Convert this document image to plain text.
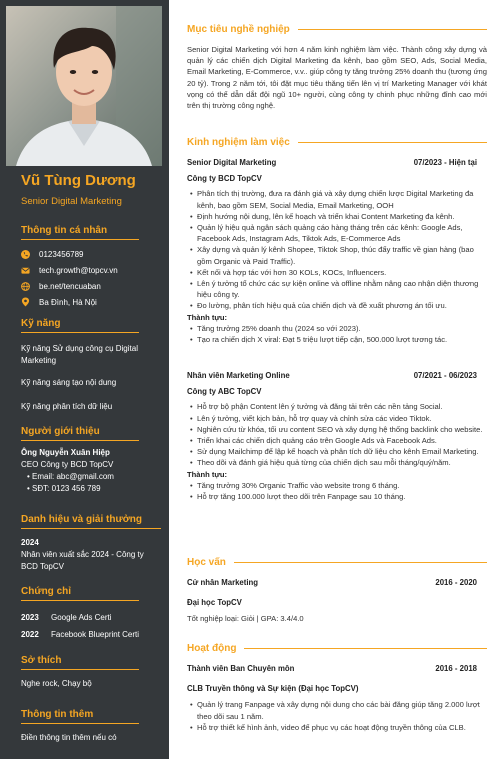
Vũ Tùng Dương
Senior Digital Marketing
Thông tin cá nhân
0123456789
tech.growth@topcv.vn
be.net/tencuaban
Ba Đình, Hà Nội
Kỹ năng
Kỹ năng Sử dụng công cụ Digital Marketing
Kỹ năng sáng tạo nội dung
Kỹ năng phân tích dữ liệu
Người giới thiệu
Ông Nguyễn Xuân Hiệp
CEO Công ty BCD TopCV
• Email: abc@gmail.com
• SĐT: 0123 456 789
Danh hiệu và giải thưởng
2024
Nhân viên xuất sắc 2024 - Công ty BCD TopCV
Chứng chỉ
2023	Google Ads Certi
2022	Facebook Blueprint Certi
Sở thích
Nghe rock, Chạy bộ
Thông tin thêm
Điền thông tin thêm nếu có
Mục tiêu nghề nghiệp
Senior Digital Marketing với hơn 4 năm kinh nghiệm làm việc. Thành công xây dựng và quản lý các chiến dịch Digital Marketing đa kênh, bao gồm SEO, Ads, Social Media, Email Marketing, E-Commerce, v.v.. giúp công ty tăng trưởng 25% doanh thu (tương ứng 20 tỷ). Trong 2 năm tới, tôi đặt mục tiêu thăng tiến lên vị trí Marketing Manager với khát vọng có thể dẫn dắt đội ngũ 10+ người, cùng công ty chinh phục những đỉnh cao mới trên thị trường công nghệ.
Kinh nghiệm làm việc
Senior Digital Marketing	07/2023 - Hiện tại
Công ty BCD TopCV
• Phân tích thị trường, đưa ra đánh giá và xây dựng chiến lược Digital Marketing đa kênh, bao gồm SEM, Social Media, Email Marketing, OOH
• Định hướng nội dung, lên kế hoạch và triển khai Content Marketing đa kênh.
• Quản lý hiệu quả ngân sách quảng cáo hàng tháng trên các kênh: Google Ads, Facebook Ads, Instagram Ads, Tiktok Ads, E-Commerce Ads
• Xây dựng và quản lý kênh Shopee, Tiktok Shop, thúc đẩy traffic về gian hàng (bao gồm Organic và Paid Traffic).
• Kết nối và hợp tác với hơn 30 KOLs, KOCs, Influencers.
• Lên ý tưởng tổ chức các sự kiện online và offline nhằm nâng cao nhận diện thương hiệu công ty.
• Đo lường, phân tích hiệu quả của chiến dịch và đề xuất phương án tối ưu.
Thành tựu:
• Tăng trưởng 25% doanh thu (2024 so với 2023).
• Tạo ra chiến dịch X viral: Đạt 5 triệu lượt tiếp cận, 500.000 lượt tương tác.
Nhân viên Marketing Online	07/2021 - 06/2023
Công ty ABC TopCV
• Hỗ trợ bộ phận Content lên ý tưởng và đăng tải trên các nền tảng Social.
• Lên ý tưởng, viết kịch bản, hỗ trợ quay và chỉnh sửa các video Tiktok.
• Nghiên cứu từ khóa, tối ưu content SEO và xây dựng hệ thống backlink cho website.
• Triển khai các chiến dịch quảng cáo trên Google Ads và Facebook Ads.
• Sử dụng Mailchimp để lập kế hoạch và phân tích dữ liệu cho kênh Email Marketing.
• Theo dõi và đánh giá hiệu quả từng của chiến dịch sau mỗi tháng/quý/năm.
Thành tựu:
• Tăng trưởng 30% Organic Traffic vào website trong 6 tháng.
• Hỗ trợ tăng 100.000 lượt theo dõi trên Fanpage sau 10 tháng.
Học vấn
Cử nhân Marketing	2016 - 2020
Đại học TopCV
Tốt nghiệp loại: Giỏi | GPA: 3.4/4.0
Hoạt động
Thành viên Ban Chuyên môn	2016 - 2018
CLB Truyền thông và Sự kiện (Đại học TopCV)
• Quản lý trang Fanpage và xây dựng nội dung cho các bài đăng giúp tăng 2.000 lượt theo dõi sau 1 năm.
• Hỗ trợ thiết kế hình ảnh, video để phục vụ các hoạt động truyền thông của CLB.
